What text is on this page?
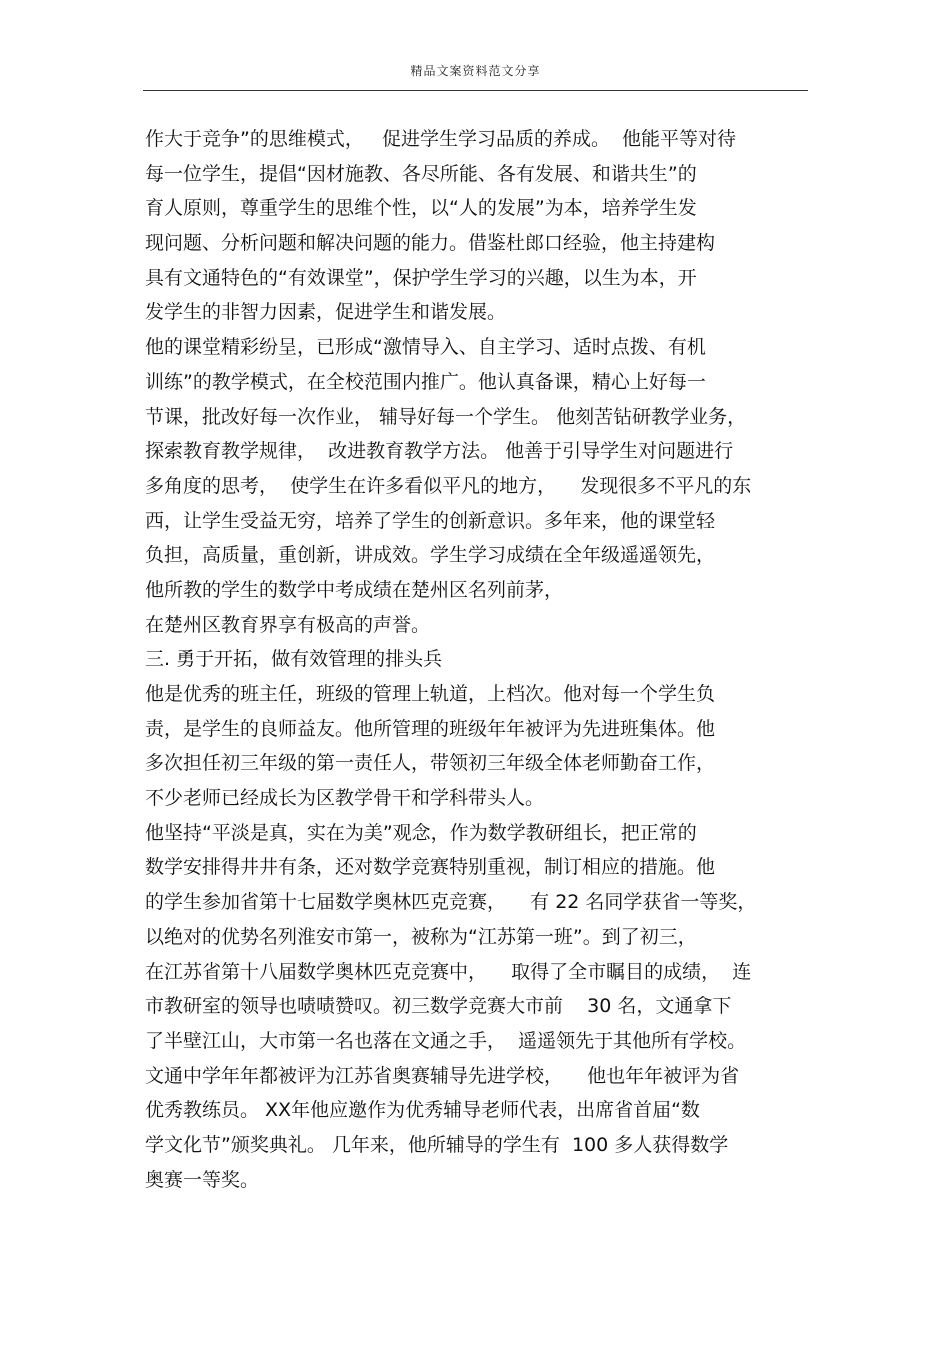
精品文案资料范文分享
作大于竞争”的思维模式，   促进学生学习品质的养成。  他能平等对待
每一位学生，提倡“因材施教、各尽所能、各有发展、和谐共生”的
育人原则，尊重学生的思维个性，以“人的发展”为本，培养学生发
现问题、分析问题和解决问题的能力。借鉴杜郎口经验，他主持建构
具有文通特色的“有效课堂”，保护学生学习的兴趣，以生为本，开
发学生的非智力因素，促进学生和谐发展。
他的课堂精彩纷呈，已形成“激情导入、自主学习、适时点拨、有机
训练”的教学模式，在全校范围内推广。他认真备课，精心上好每一
节课，批改好每一次作业， 辅导好每一个学生。 他刻苦钻研教学业务，
探索教育教学规律，  改进教育教学方法。 他善于引导学生对问题进行
多角度的思考，  使学生在许多看似平凡的地方，    发现很多不平凡的东
西，让学生受益无穷，培养了学生的创新意识。多年来，他的课堂轻
负担，高质量，重创新，讲成效。学生学习成绩在全年级遥遥领先，
他所教的学生的数学中考成绩在楚州区名列前茅，
在楚州区教育界享有极高的声誉。
三. 勇于开拓，做有效管理的排头兵
他是优秀的班主任，班级的管理上轨道，上档次。他对每一个学生负
责，是学生的良师益友。他所管理的班级年年被评为先进班集体。他
多次担任初三年级的第一责任人，带领初三年级全体老师勤奋工作，
不少老师已经成长为区教学骨干和学科带头人。
他坚持“平淡是真，实在为美”观念，作为数学教研组长，把正常的
数学安排得井井有条，还对数学竞赛特别重视，制订相应的措施。他
的学生参加省第十七届数学奥林匹克竞赛，    有 22 名同学获省一等奖，
以绝对的优势名列淮安市第一，被称为“江苏第一班”。到了初三，
在江苏省第十八届数学奥林匹克竞赛中，    取得了全市瞩目的成绩，  连
市教研室的领导也啧啧赞叹。初三数学竞赛大市前    30 名，文通拿下
了半壁江山，大市第一名也落在文通之手，  遥遥领先于其他所有学校。
文通中学年年都被评为江苏省奥赛辅导先进学校，    他也年年被评为省
优秀教练员。 XX年他应邀作为优秀辅导老师代表，出席省首届“数
学文化节”颁奖典礼。 几年来，他所辅导的学生有  100 多人获得数学
奥赛一等奖。
